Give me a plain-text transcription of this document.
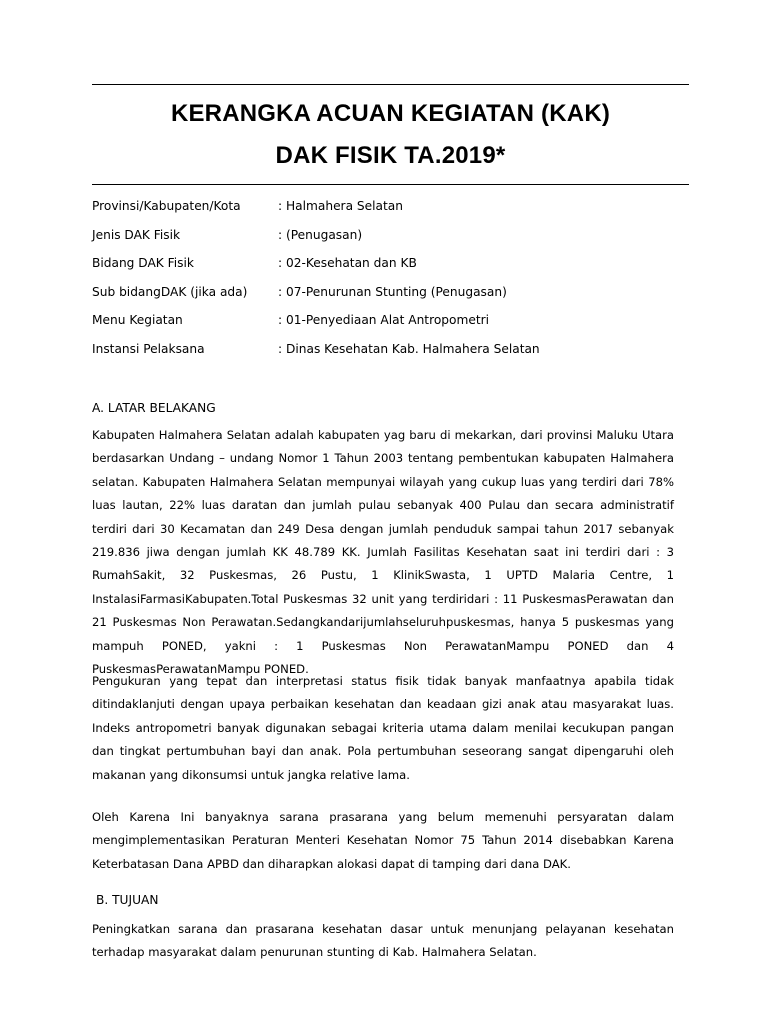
KERANGKA ACUAN KEGIATAN (KAK)
DAK FISIK TA.2019*
Provinsi/Kabupaten/Kota	: Halmahera Selatan
Jenis DAK Fisik	: (Penugasan)
Bidang DAK Fisik	: 02-Kesehatan dan KB
Sub bidangDAK (jika ada)	: 07-Penurunan Stunting (Penugasan)
Menu Kegiatan	: 01-Penyediaan Alat Antropometri
Instansi Pelaksana	: Dinas Kesehatan Kab. Halmahera Selatan
A. LATAR BELAKANG
Kabupaten Halmahera Selatan adalah kabupaten yag baru di mekarkan, dari provinsi Maluku Utara berdasarkan Undang – undang Nomor 1 Tahun 2003 tentang pembentukan kabupaten Halmahera selatan. Kabupaten Halmahera Selatan mempunyai wilayah yang cukup luas yang terdiri dari 78% luas lautan, 22% luas daratan dan jumlah pulau sebanyak 400 Pulau dan secara administratif terdiri dari 30 Kecamatan dan 249 Desa dengan jumlah penduduk sampai tahun 2017 sebanyak 219.836 jiwa dengan jumlah KK 48.789 KK. Jumlah Fasilitas Kesehatan saat ini terdiri dari : 3 RumahSakit, 32 Puskesmas, 26 Pustu, 1 KlinikSwasta, 1 UPTD Malaria Centre, 1 InstalasiFarmasiKabupaten.Total Puskesmas 32 unit yang terdiridari : 11 PuskesmasPerawatan dan 21 Puskesmas Non Perawatan.Sedangkandarijumlahseluruhpuskesmas, hanya 5 puskesmas yang mampuh PONED, yakni : 1 Puskesmas Non PerawatanMampu PONED dan 4 PuskesmasPerawatanMampu PONED.
Pengukuran yang tepat dan interpretasi status fisik tidak banyak manfaatnya apabila tidak ditindaklanjuti dengan upaya perbaikan kesehatan dan keadaan gizi anak atau masyarakat luas. Indeks antropometri banyak digunakan sebagai kriteria utama dalam menilai kecukupan pangan dan tingkat pertumbuhan bayi dan anak. Pola pertumbuhan seseorang sangat dipengaruhi oleh makanan yang dikonsumsi untuk jangka relative lama.
Oleh Karena Ini banyaknya sarana prasarana yang belum memenuhi persyaratan dalam mengimplementasikan Peraturan Menteri Kesehatan Nomor 75 Tahun 2014 disebabkan Karena Keterbatasan Dana APBD dan diharapkan alokasi dapat di tamping dari dana DAK.
B. TUJUAN
Peningkatkan sarana dan prasarana kesehatan dasar untuk menunjang pelayanan kesehatan terhadap masyarakat dalam penurunan stunting di Kab. Halmahera Selatan.
